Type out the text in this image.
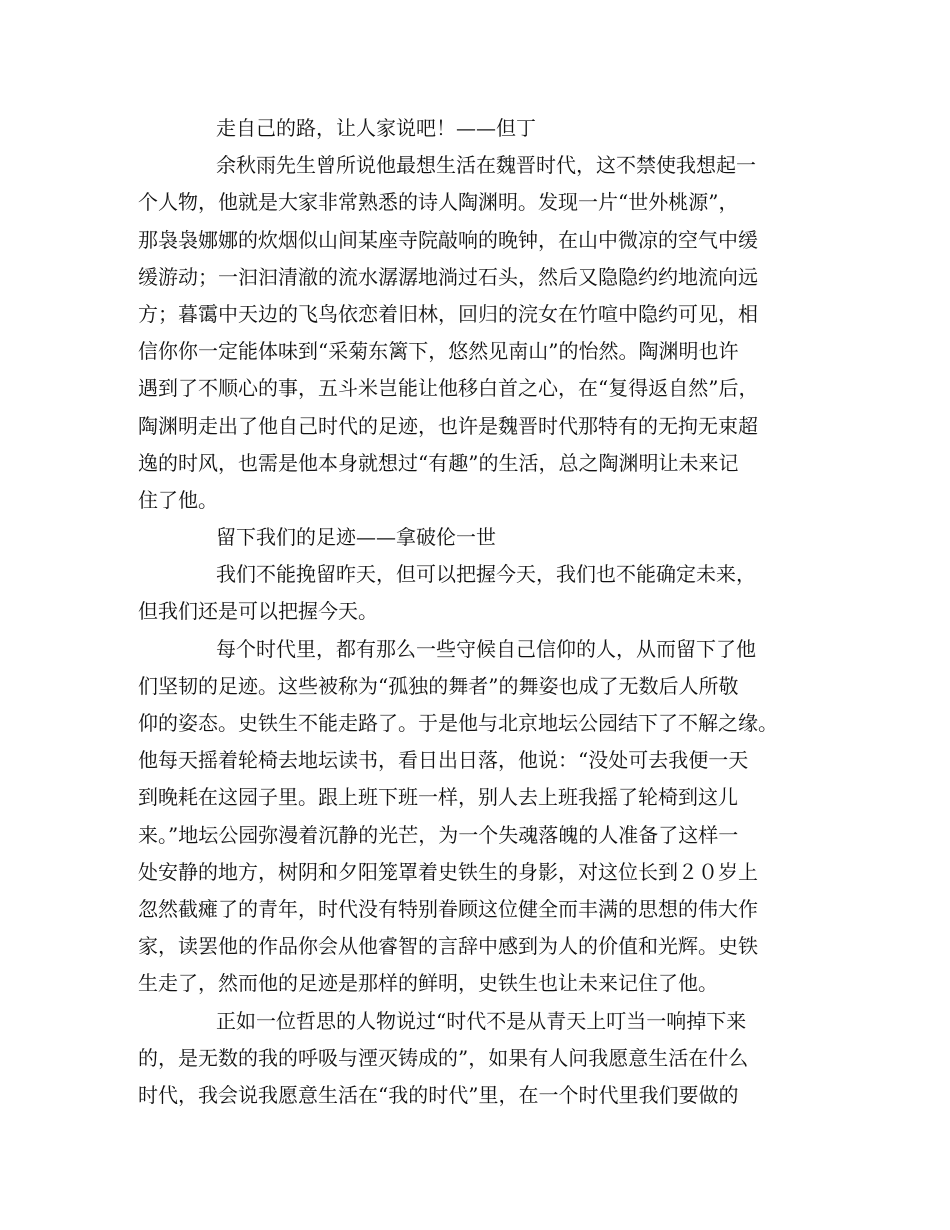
走自己的路，让人家说吧！——但丁
余秋雨先生曾所说他最想生活在魏晋时代，这不禁使我想起一
个人物，他就是大家非常熟悉的诗人陶渊明。发现一片“世外桃源”，
那袅袅娜娜的炊烟似山间某座寺院敲响的晚钟，在山中微凉的空气中缓
缓游动；一汩汩清澈的流水潺潺地淌过石头，然后又隐隐约约地流向远
方；暮霭中天边的飞鸟依恋着旧林，回归的浣女在竹喧中隐约可见，相
信你你一定能体味到“采菊东篱下，悠然见南山”的怡然。陶渊明也许
遇到了不顺心的事，五斗米岂能让他移白首之心，在“复得返自然”后，
陶渊明走出了他自己时代的足迹，也许是魏晋时代那特有的无拘无束超
逸的时风，也需是他本身就想过“有趣”的生活，总之陶渊明让未来记
住了他。
留下我们的足迹——拿破伦一世
我们不能挽留昨天，但可以把握今天，我们也不能确定未来，
但我们还是可以把握今天。
每个时代里，都有那么一些守候自己信仰的人，从而留下了他
们坚韧的足迹。这些被称为“孤独的舞者”的舞姿也成了无数后人所敬
仰的姿态。史铁生不能走路了。于是他与北京地坛公园结下了不解之缘。
他每天摇着轮椅去地坛读书，看日出日落，他说：“没处可去我便一天
到晚耗在这园子里。跟上班下班一样，别人去上班我摇了轮椅到这儿
来。”地坛公园弥漫着沉静的光芒，为一个失魂落魄的人准备了这样一
处安静的地方，树阴和夕阳笼罩着史铁生的身影，对这位长到２０岁上
忽然截瘫了的青年，时代没有特别眷顾这位健全而丰满的思想的伟大作
家，读罢他的作品你会从他睿智的言辞中感到为人的价值和光辉。史铁
生走了，然而他的足迹是那样的鲜明，史铁生也让未来记住了他。
正如一位哲思的人物说过“时代不是从青天上叮当一响掉下来
的，是无数的我的呼吸与湮灭铸成的”，如果有人问我愿意生活在什么
时代，我会说我愿意生活在“我的时代”里，在一个时代里我们要做的
